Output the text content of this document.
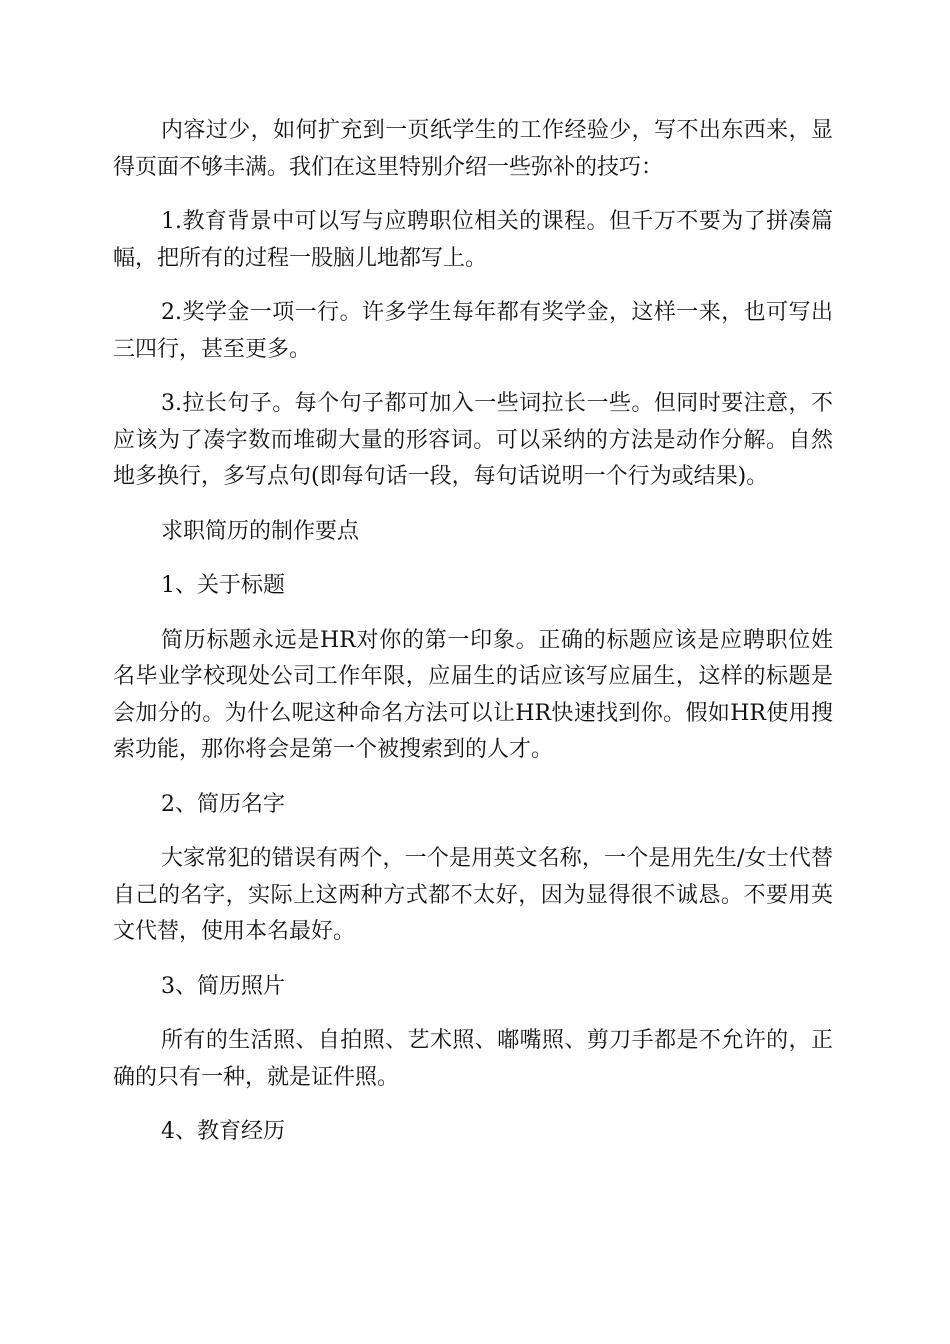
内容过少，如何扩充到一页纸学生的工作经验少，写不出东西来，显得页面不够丰满。我们在这里特别介绍一些弥补的技巧：

1.教育背景中可以写与应聘职位相关的课程。但千万不要为了拼凑篇幅，把所有的过程一股脑儿地都写上。

2.奖学金一项一行。许多学生每年都有奖学金，这样一来，也可写出三四行，甚至更多。

3.拉长句子。每个句子都可加入一些词拉长一些。但同时要注意，不应该为了凑字数而堆砌大量的形容词。可以采纳的方法是动作分解。自然地多换行，多写点句(即每句话一段，每句话说明一个行为或结果)。

求职简历的制作要点

1、关于标题

简历标题永远是HR对你的第一印象。正确的标题应该是应聘职位姓名毕业学校现处公司工作年限，应届生的话应该写应届生，这样的标题是会加分的。为什么呢这种命名方法可以让HR快速找到你。假如HR使用搜索功能，那你将会是第一个被搜索到的人才。

2、简历名字

大家常犯的错误有两个，一个是用英文名称，一个是用先生/女士代替自己的名字，实际上这两种方式都不太好，因为显得很不诚恳。不要用英文代替，使用本名最好。

3、简历照片

所有的生活照、自拍照、艺术照、嘟嘴照、剪刀手都是不允许的，正确的只有一种，就是证件照。

4、教育经历
